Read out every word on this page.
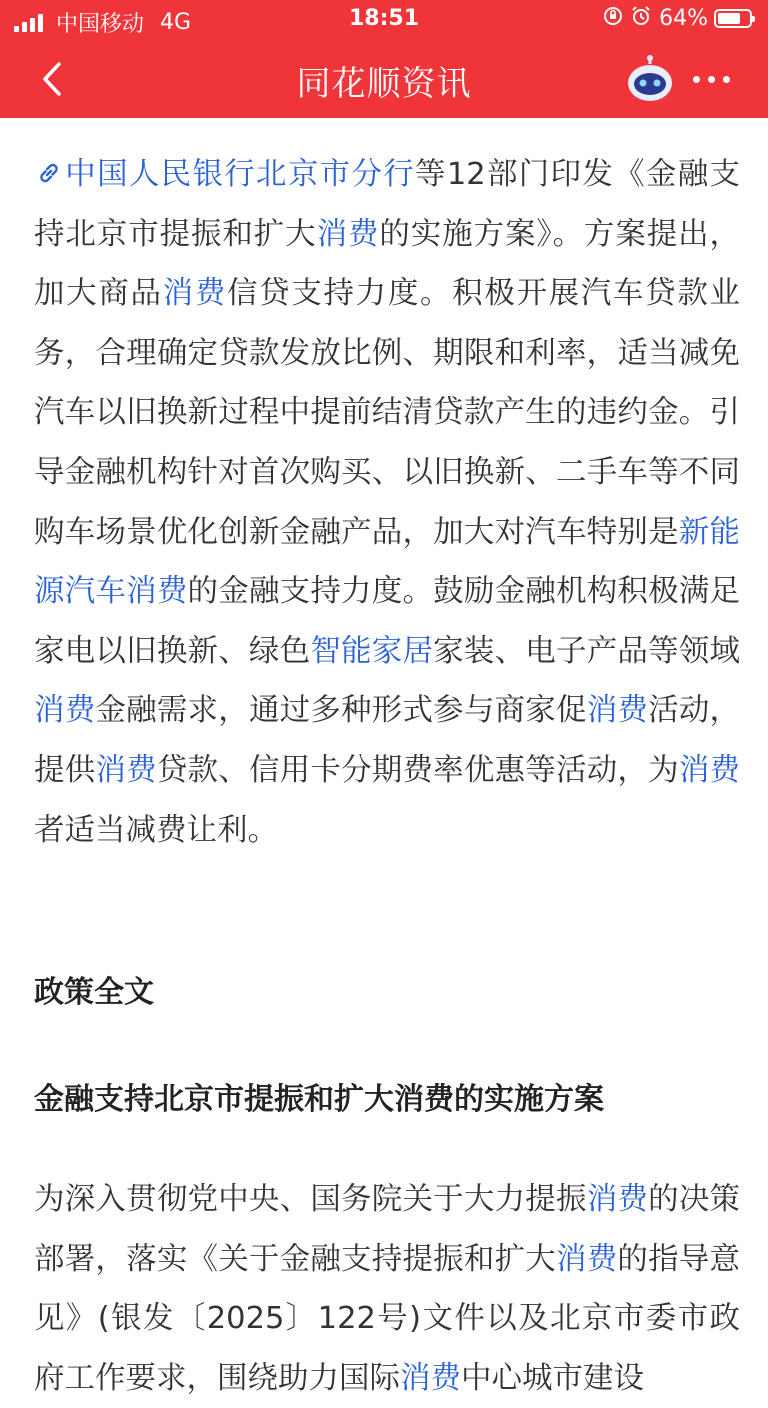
中国移动 4G	18:51	64%
同花顺资讯

中国人民银行北京市分行等12部门印发《金融支持北京市提振和扩大消费的实施方案》。方案提出，加大商品消费信贷支持力度。积极开展汽车贷款业务，合理确定贷款发放比例、期限和利率，适当减免汽车以旧换新过程中提前结清贷款产生的违约金。引导金融机构针对首次购买、以旧换新、二手车等不同购车场景优化创新金融产品，加大对汽车特别是新能源汽车消费的金融支持力度。鼓励金融机构积极满足家电以旧换新、绿色智能家居家装、电子产品等领域消费金融需求，通过多种形式参与商家促消费活动，提供消费贷款、信用卡分期费率优惠等活动，为消费者适当减费让利。

政策全文
金融支持北京市提振和扩大消费的实施方案

为深入贯彻党中央、国务院关于大力提振消费的决策部署，落实《关于金融支持提振和扩大消费的指导意见》(银发〔2025〕122号)文件以及北京市委市政府工作要求，围绕助力国际消费中心城市建设
